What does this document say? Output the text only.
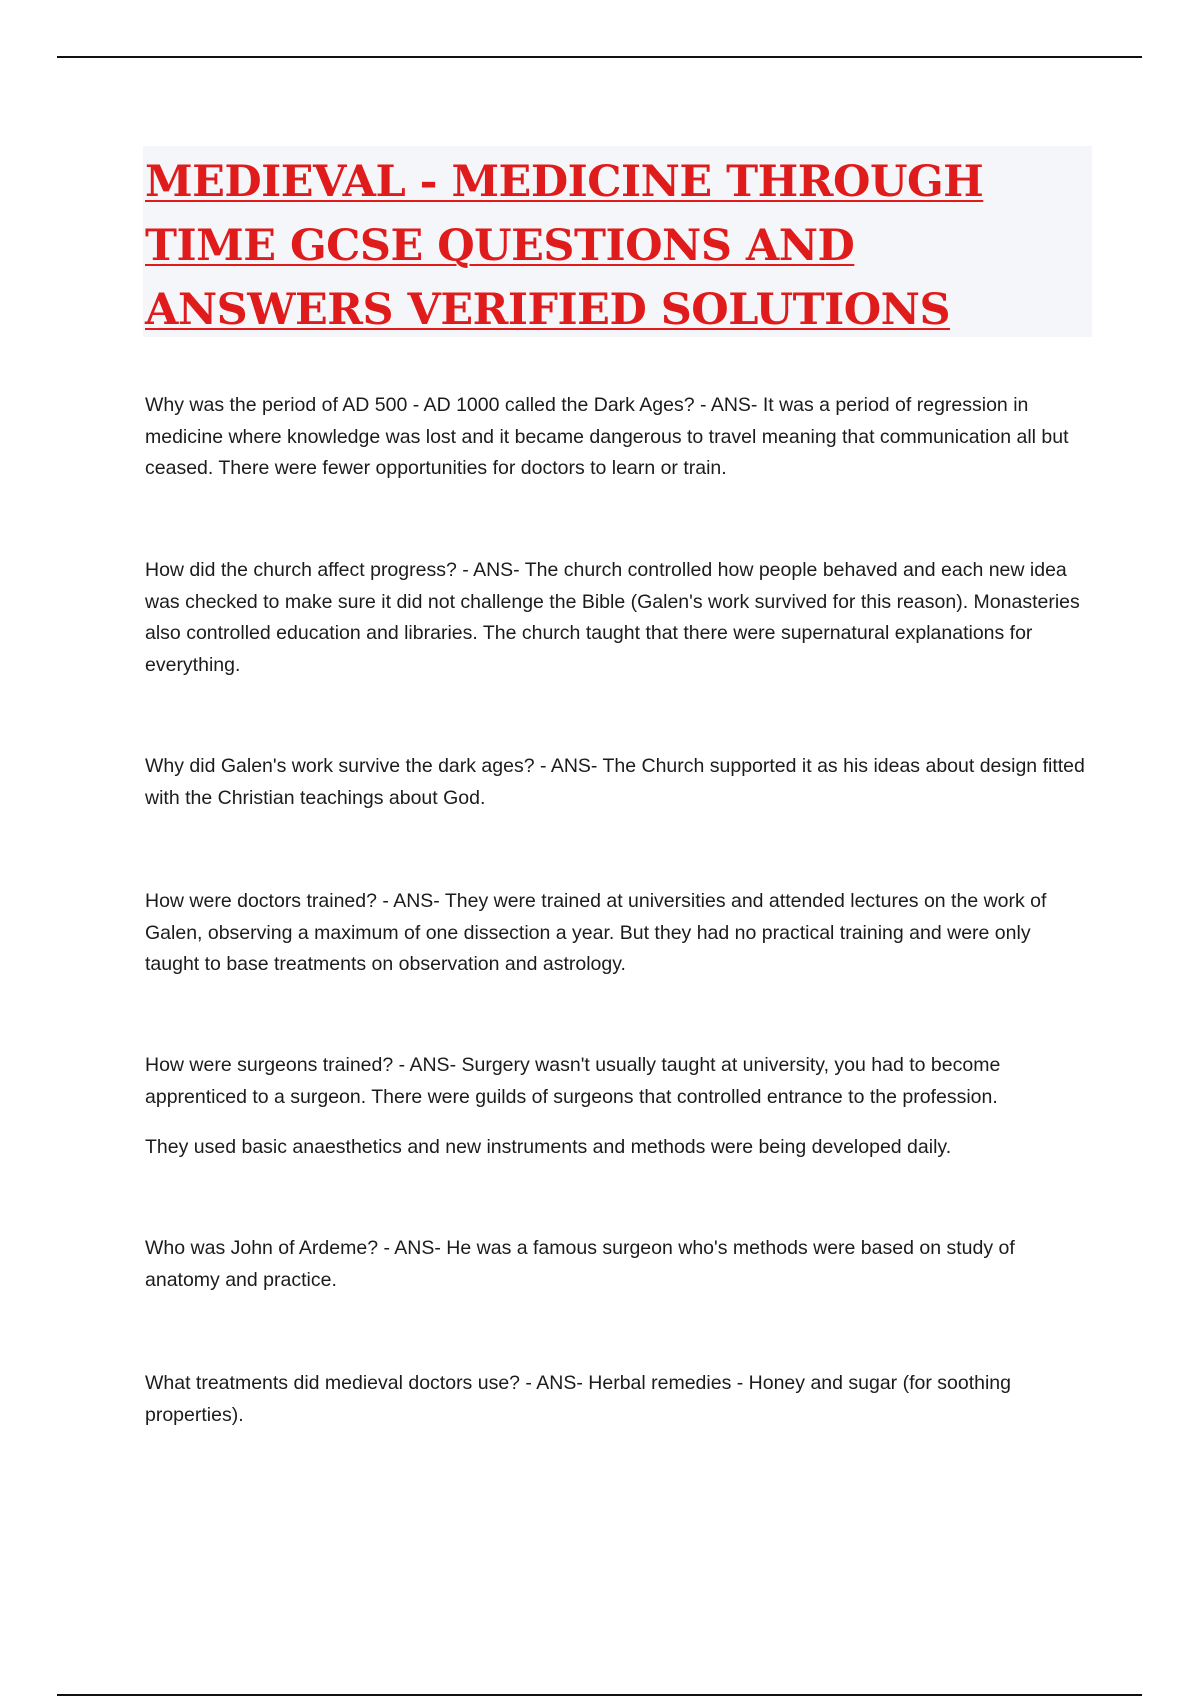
MEDIEVAL - MEDICINE THROUGH TIME GCSE QUESTIONS AND ANSWERS VERIFIED SOLUTIONS

Why was the period of AD 500 - AD 1000 called the Dark Ages? - ANS- It was a period of regression in medicine where knowledge was lost and it became dangerous to travel meaning that communication all but ceased. There were fewer opportunities for doctors to learn or train.

How did the church affect progress? - ANS- The church controlled how people behaved and each new idea was checked to make sure it did not challenge the Bible (Galen's work survived for this reason). Monasteries also controlled education and libraries. The church taught that there were supernatural explanations for everything.

Why did Galen's work survive the dark ages? - ANS- The Church supported it as his ideas about design fitted with the Christian teachings about God.

How were doctors trained? - ANS- They were trained at universities and attended lectures on the work of Galen, observing a maximum of one dissection a year. But they had no practical training and were only taught to base treatments on observation and astrology.

How were surgeons trained? - ANS- Surgery wasn't usually taught at university, you had to become apprenticed to a surgeon. There were guilds of surgeons that controlled entrance to the profession.

They used basic anaesthetics and new instruments and methods were being developed daily.

Who was John of Ardeme? - ANS- He was a famous surgeon who's methods were based on study of anatomy and practice.

What treatments did medieval doctors use? - ANS- Herbal remedies - Honey and sugar (for soothing properties).
